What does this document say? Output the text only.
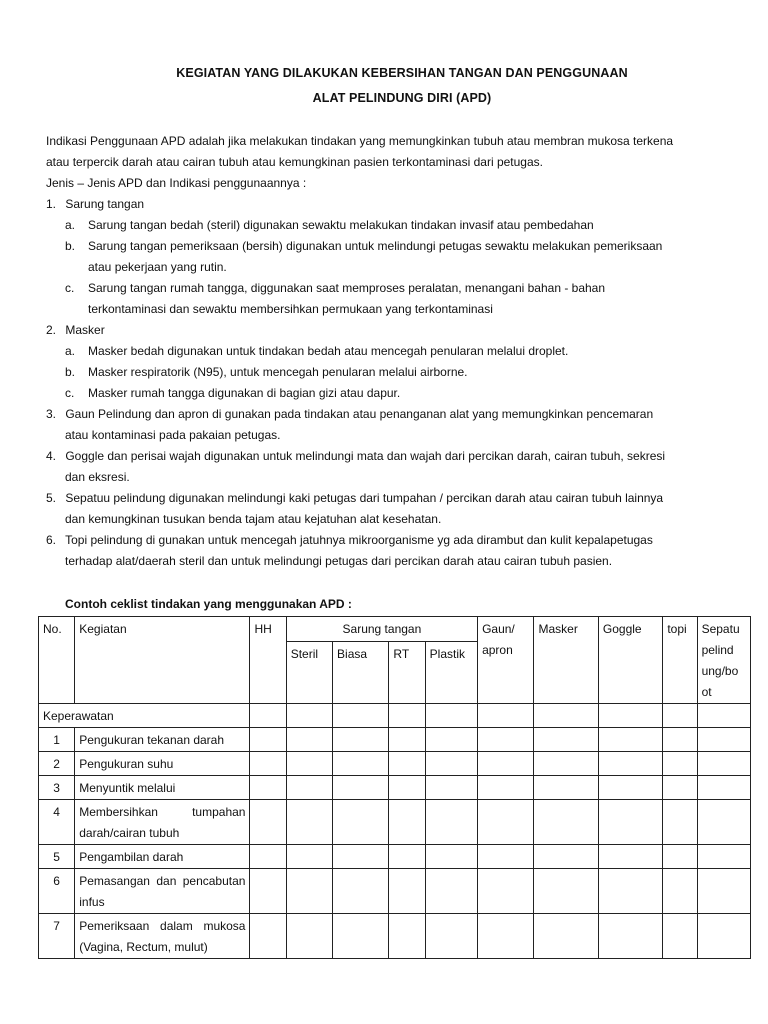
KEGIATAN YANG DILAKUKAN KEBERSIHAN TANGAN DAN PENGGUNAAN
ALAT PELINDUNG DIRI (APD)
Indikasi Penggunaan APD adalah jika melakukan tindakan yang memungkinkan tubuh atau membran mukosa terkena
atau terpercik darah atau cairan tubuh atau kemungkinan pasien terkontaminasi dari petugas.
Jenis – Jenis APD dan Indikasi penggunaannya :
1. Sarung tangan
a. Sarung tangan bedah (steril) digunakan sewaktu melakukan tindakan invasif atau pembedahan
b. Sarung tangan pemeriksaan (bersih) digunakan untuk melindungi petugas sewaktu melakukan pemeriksaan
atau pekerjaan yang rutin.
c. Sarung tangan rumah tangga, diggunakan saat memproses peralatan, menangani bahan - bahan
terkontaminasi dan sewaktu membersihkan permukaan yang terkontaminasi
2. Masker
a. Masker bedah digunakan untuk tindakan bedah atau mencegah penularan melalui droplet.
b. Masker respiratorik (N95), untuk mencegah penularan melalui airborne.
c. Masker rumah tangga digunakan di bagian gizi atau dapur.
3. Gaun Pelindung dan apron di gunakan pada tindakan atau penanganan alat yang memungkinkan pencemaran
atau kontaminasi pada pakaian petugas.
4. Goggle dan perisai wajah digunakan untuk melindungi mata dan wajah dari percikan darah, cairan tubuh, sekresi
dan eksresi.
5. Sepatuu pelindung digunakan melindungi kaki petugas dari tumpahan / percikan darah atau cairan tubuh lainnya
dan kemungkinan tusukan benda tajam atau kejatuhan alat kesehatan.
6. Topi pelindung di gunakan untuk mencegah jatuhnya mikroorganisme yg ada dirambut dan kulit kepalapetugas
terhadap alat/daerah steril dan untuk melindungi petugas dari percikan darah atau cairan tubuh pasien.
Contoh ceklist tindakan yang menggunakan APD :
No.	Kegiatan	HH	Sarung tangan				Gaun/ apron	Masker	Goggle	topi	Sepatu pelind ung/bo ot
			Steril	Biasa	RT	Plastik					
Keperawatan											
1	Pengukuran tekanan darah										
2	Pengukuran suhu										
3	Menyuntik melalui										
4	Membersihkan tumpahan darah/cairan tubuh										
5	Pengambilan darah										
6	Pemasangan dan pencabutan infus										
7	Pemeriksaan dalam mukosa (Vagina, Rectum, mulut)										
